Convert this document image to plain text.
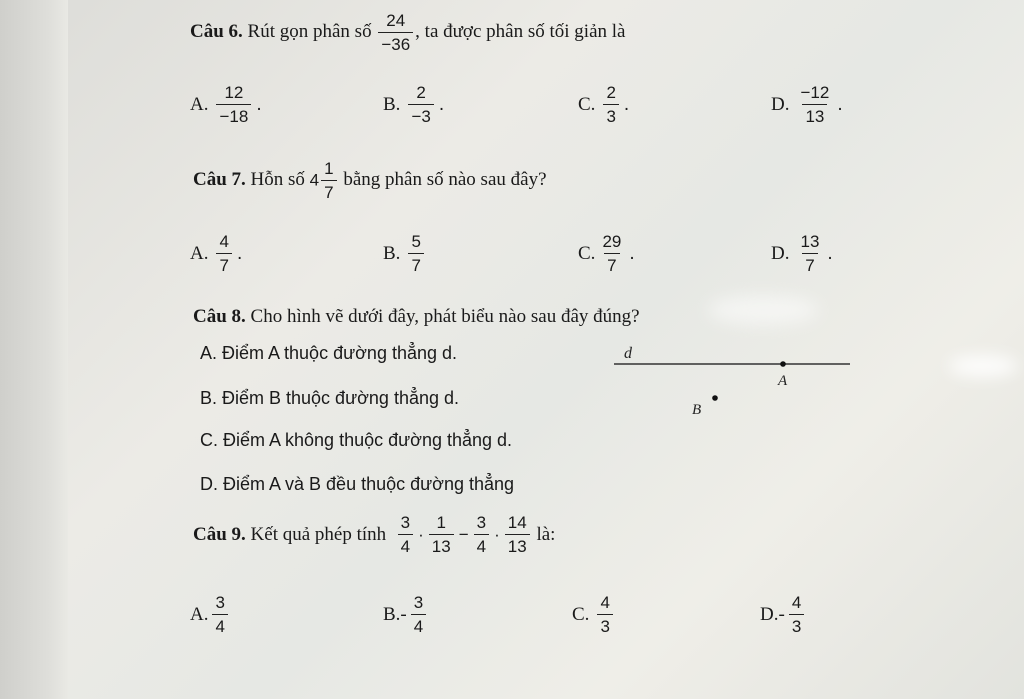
Câu 6. Rút gọn phân số $\frac{24}{-36}$ , ta được phân số tối giản là
A. $\frac{12}{-18}$ .	B. $\frac{2}{-3}$ .	C. $\frac{2}{3}$ .	D. $\frac{-12}{13}$ .
Câu 7. Hỗn số $4 \frac{1}{7}$ bằng phân số nào sau đây?
A. $\frac{4}{7}$ .	B. $\frac{5}{7}$	C. $\frac{29}{7}$ .	D. $\frac{13}{7}$ .
Câu 8. Cho hình vẽ dưới đây, phát biểu nào sau đây đúng?
A. Điểm A thuộc đường thẳng d.
B. Điểm B thuộc đường thẳng d.
C. Điểm A không thuộc đường thẳng d.
D. Điểm A và B đều thuộc đường thẳng
d
A
B
Câu 9.
Kết quả phép tính
$\frac{3}{4} \cdot \frac{1}{13} - \frac{3}{4} \cdot \frac{14}{13}$
là:
A. $\frac{3}{4}$	$B.- \frac{3}{4}$	C. $\frac{4}{3}$	$D.- \frac{4}{3}$
